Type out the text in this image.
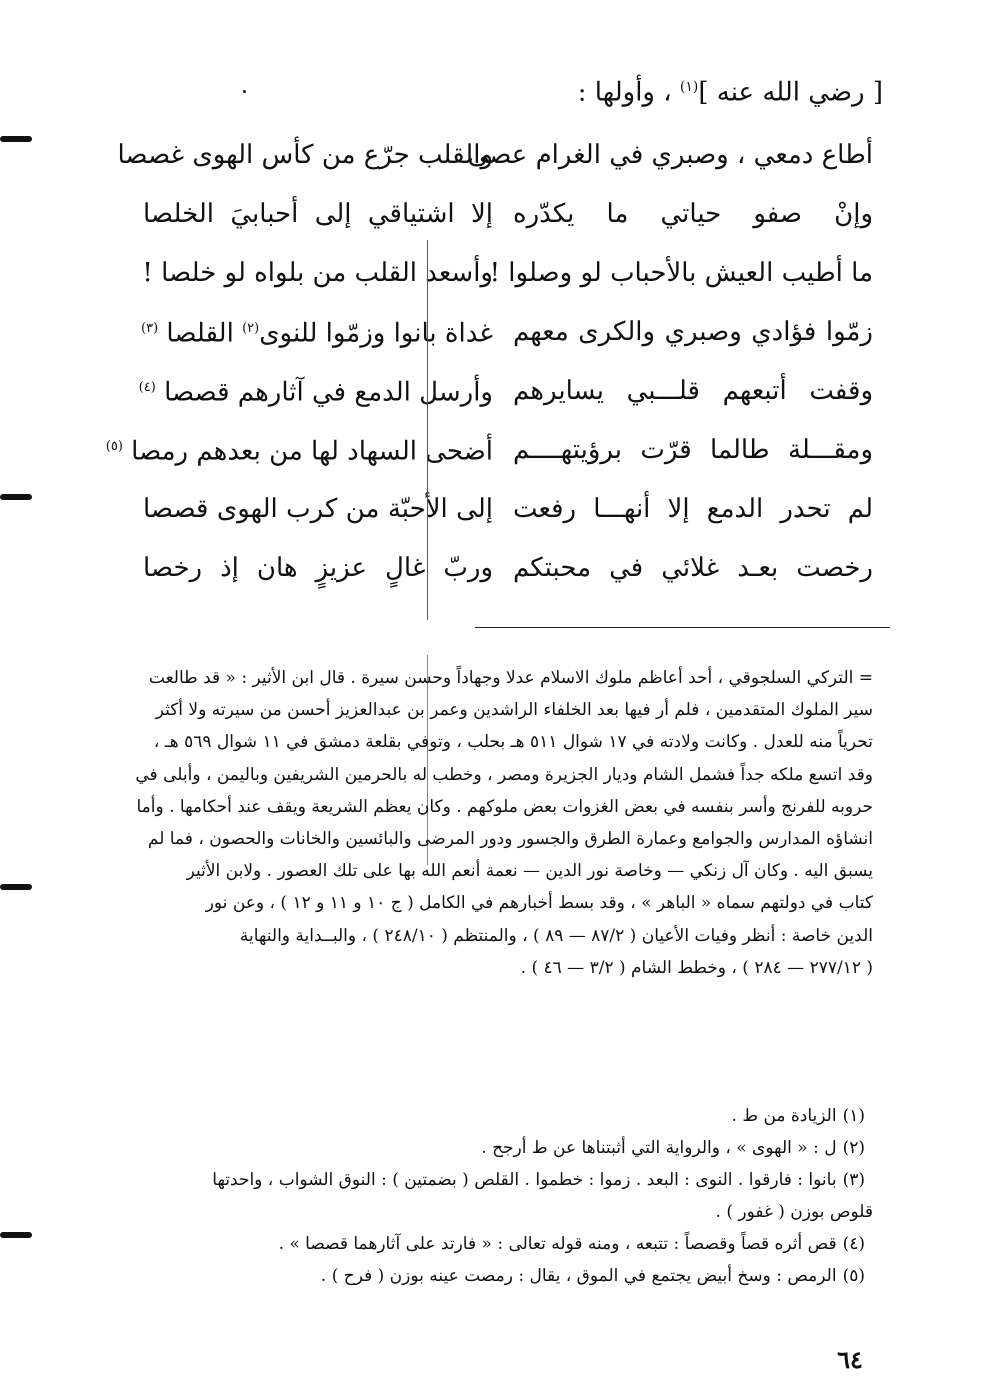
[ رضي الله عنه ]$^{(١)}$ ، وأولها :
أطاع دمعي ، وصبري في الغرام عصى
والقلب جرّع من كأس الهوى غصصا
وإنْ صفو حياتي ما يكدّره
إلا اشتياقي إلى أحبابيَ الخلصا
ما أطيب العيش بالأحباب لو وصلوا !
وأسعد القلب من بلواه لو خلصا !
زمّوا فؤادي وصبري والكرى معهم
غداة بانوا وزمّوا للنوى$^{(٢)}$ القلصا $^{(٣)}$
وقفت أتبعهم قلـــبي يسايرهم
وأرسل الدمع في آثارهم قصصا $^{(٤)}$
ومقـــلة طالما قرّت برؤيتهــــم
أضحى السهاد لها من بعدهم رمصا $^{(٥)}$
لم تحدر الدمع إلا أنهـــا رفعت
إلى الأحبّة من كرب الهوى قصصا
رخصت بعـد غلائي في محبتكم
وربّ غالٍ عزيزٍ هان إذ رخصا
= التركي السلجوقي ، أحد أعاظم ملوك الاسلام عدلا وجهاداً وحسن سيرة . قال ابن الأثير : « قد طالعت
سير الملوك المتقدمين ، فلم أر فيها بعد الخلفاء الراشدين وعمر بن عبدالعزيز أحسن من سيرته ولا أكثر
تحرياً منه للعدل . وكانت ولادته في ١٧ شوال ٥١١ هـ بحلب ، وتوفي بقلعة دمشق في ١١ شوال ٥٦٩ هـ ،
وقد اتسع ملكه جداً فشمل الشام وديار الجزيرة ومصر ، وخطب له بالحرمين الشريفين وباليمن ، وأبلى في
حروبه للفرنج وأسر بنفسه في بعض الغزوات بعض ملوكهم . وكان يعظم الشريعة ويقف عند أحكامها . وأما
انشاؤه المدارس والجوامع وعمارة الطرق والجسور ودور المرضى والبائسين والخانات والحصون ، فما لم
يسبق اليه . وكان آل زنكي — وخاصة نور الدين — نعمة أنعم الله بها على تلك العصور . ولابن الأثير
كتاب في دولتهم سماه « الباهر » ، وقد بسط أخبارهم في الكامل ( ج ١٠ و ١١ و ١٢ ) ، وعن نور
الدين خاصة : أنظر وفيات الأعيان ( ٨٧/٢ — ٨٩ ) ، والمنتظم ( ٢٤٨/١٠ ) ، والبــداية والنهاية
( ٢٧٧/١٢ — ٢٨٤ ) ، وخطط الشام ( ٣/٢ — ٤٦ ) .
(١)الزيادة من ط .
(٢)ل : « الهوى » ، والرواية التي أثبتناها عن ط أرجح .
(٣)بانوا : فارقوا . النوى : البعد . زموا : خطموا . القلص ( بضمتين ) : النوق الشواب ، واحدتها
قلوص بوزن ( غفور ) .
(٤)قص أثره قصاً وقصصاً : تتبعه ، ومنه قوله تعالى : « فارتد على آثارهما قصصا » .
(٥)الرمص : وسخ أبيض يجتمع في الموق ، يقال : رمصت عينه بوزن ( فرح ) .
٦٤
